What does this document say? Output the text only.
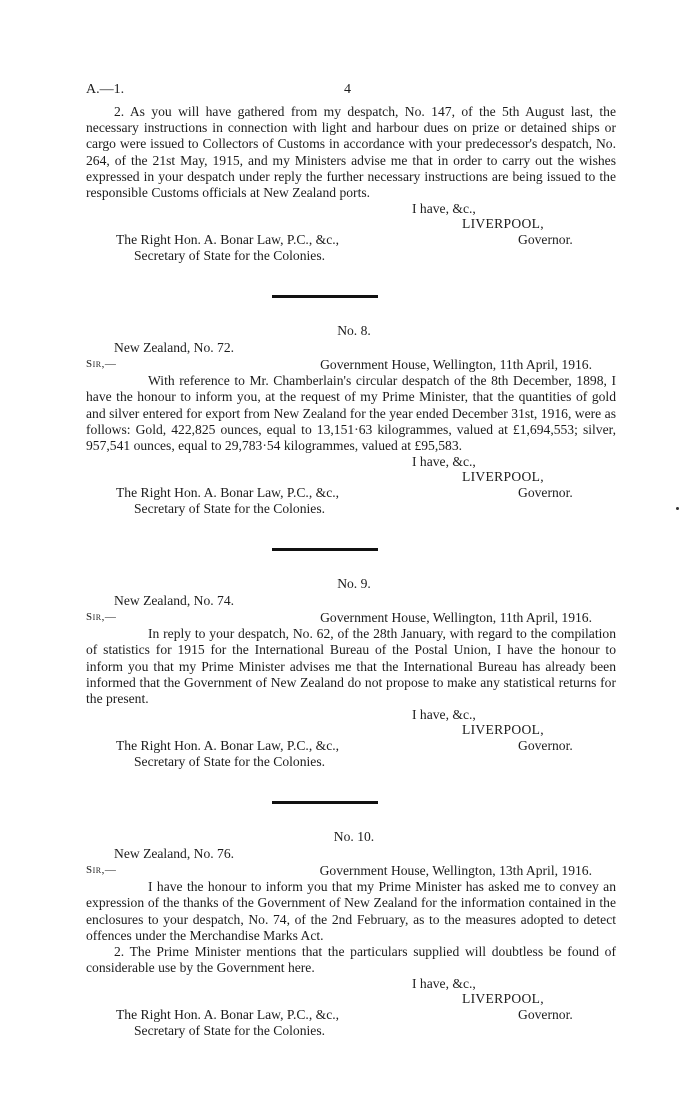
A.—1.	4

2. As you will have gathered from my despatch, No. 147, of the 5th August last, the necessary instructions in connection with light and harbour dues on prize or detained ships or cargo were issued to Collectors of Customs in accordance with your predecessor's despatch, No. 264, of the 21st May, 1915, and my Ministers advise me that in order to carry out the wishes expressed in your despatch under reply the further necessary instructions are being issued to the responsible Customs officials at New Zealand ports.

I have, &c.,
LIVERPOOL,
The Right Hon. A. Bonar Law, P.C., &c.,	Governor.
Secretary of State for the Colonies.
No. 8.
New Zealand, No. 72.
Sir,—	Government House, Wellington, 11th April, 1916.

With reference to Mr. Chamberlain's circular despatch of the 8th December, 1898, I have the honour to inform you, at the request of my Prime Minister, that the quantities of gold and silver entered for export from New Zealand for the year ended December 31st, 1916, were as follows: Gold, 422,825 ounces, equal to 13,151·63 kilogrammes, valued at £1,694,553; silver, 957,541 ounces, equal to 29,783·54 kilogrammes, valued at £95,583.

I have, &c.,
LIVERPOOL,
The Right Hon. A. Bonar Law, P.C., &c.,	Governor.
Secretary of State for the Colonies.
No. 9.
New Zealand, No. 74.
Sir,—	Government House, Wellington, 11th April, 1916.

In reply to your despatch, No. 62, of the 28th January, with regard to the compilation of statistics for 1915 for the International Bureau of the Postal Union, I have the honour to inform you that my Prime Minister advises me that the International Bureau has already been informed that the Government of New Zealand do not propose to make any statistical returns for the present.

I have, &c.,
LIVERPOOL,
The Right Hon. A. Bonar Law, P.C., &c.,	Governor.
Secretary of State for the Colonies.
No. 10.
New Zealand, No. 76.
Sir,—	Government House, Wellington, 13th April, 1916.

I have the honour to inform you that my Prime Minister has asked me to convey an expression of the thanks of the Government of New Zealand for the information contained in the enclosures to your despatch, No. 74, of the 2nd February, as to the measures adopted to detect offences under the Merchandise Marks Act.

2. The Prime Minister mentions that the particulars supplied will doubtless be found of considerable use by the Government here.

I have, &c.,
LIVERPOOL,
The Right Hon. A. Bonar Law, P.C., &c.,	Governor.
Secretary of State for the Colonies.
